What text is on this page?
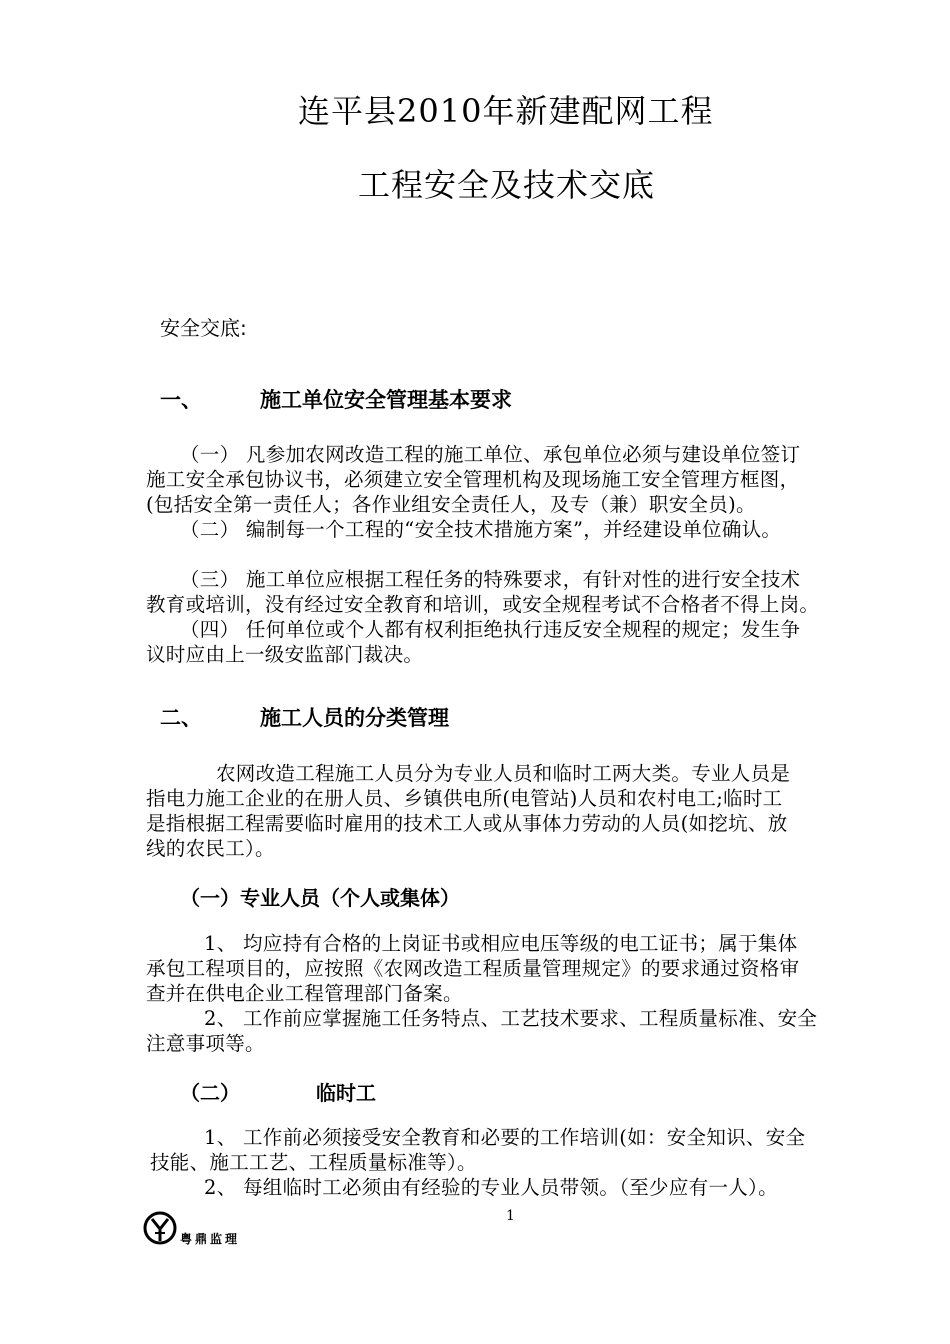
连平县2010年新建配网工程
工程安全及技术交底
安全交底:
一、	施工单位安全管理基本要求
（一） 凡参加农网改造工程的施工单位、承包单位必须与建设单位签订
施工安全承包协议书，必须建立安全管理机构及现场施工安全管理方框图，
(包括安全第一责任人；各作业组安全责任人，及专（兼）职安全员)。
（二） 编制每一个工程的“安全技术措施方案”，并经建设单位确认。
（三） 施工单位应根据工程任务的特殊要求，有针对性的进行安全技术
教育或培训，没有经过安全教育和培训，或安全规程考试不合格者不得上岗。
（四） 任何单位或个人都有权利拒绝执行违反安全规程的规定；发生争
议时应由上一级安监部门裁决。
二、	施工人员的分类管理
农网改造工程施工人员分为专业人员和临时工两大类。专业人员是
指电力施工企业的在册人员、乡镇供电所(电管站)人员和农村电工;临时工
是指根据工程需要临时雇用的技术工人或从事体力劳动的人员(如挖坑、放
线的农民工）。
（一）专业人员（个人或集体）
1、 均应持有合格的上岗证书或相应电压等级的电工证书；属于集体
承包工程项目的，应按照《农网改造工程质量管理规定》的要求通过资格审
查并在供电企业工程管理部门备案。
2、 工作前应掌握施工任务特点、工艺技术要求、工程质量标准、安全
注意事项等。
（二）	临时工
1、 工作前必须接受安全教育和必要的工作培训(如：安全知识、安全
技能、施工工艺、工程质量标准等）。
2、 每组临时工必须由有经验的专业人员带领。（至少应有一人）。
1
粤鼎监理
